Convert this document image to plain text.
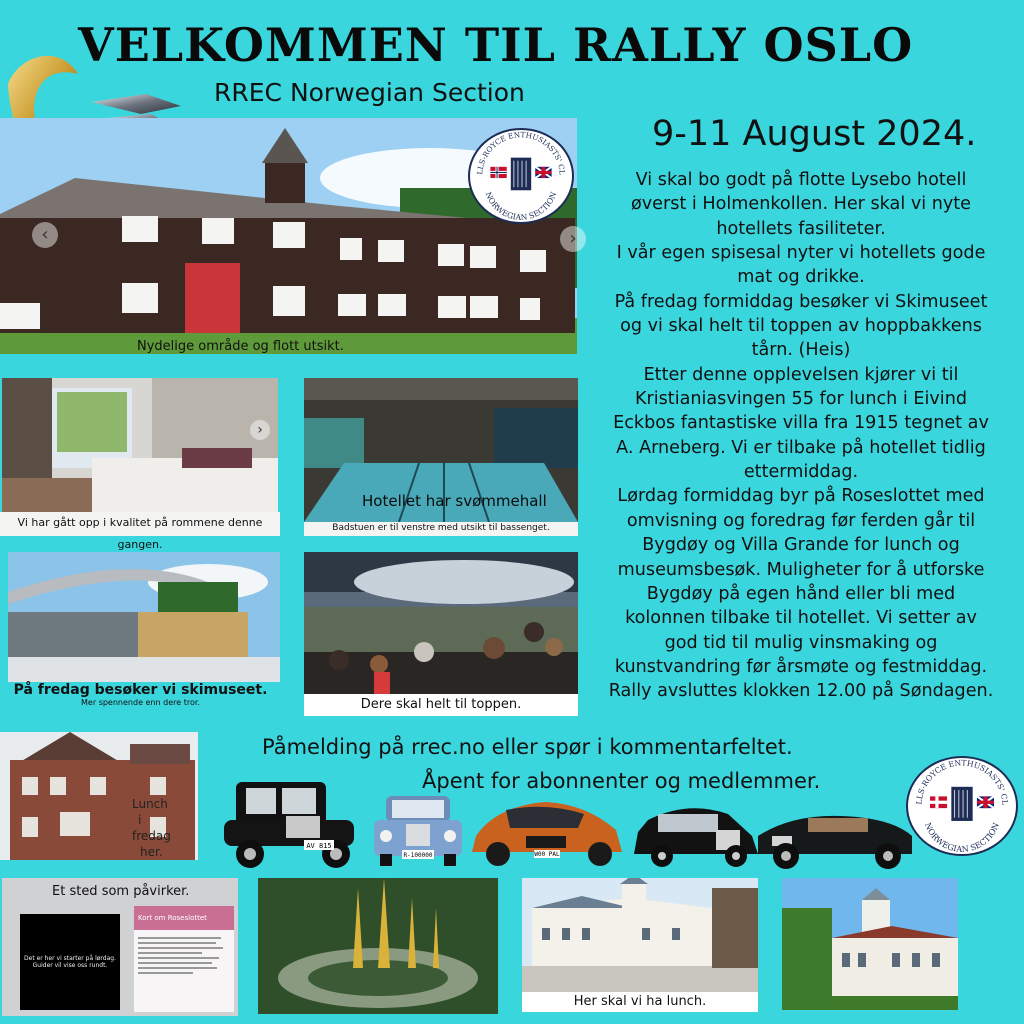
VELKOMMEN TIL RALLY OSLO
RREC Norwegian Section
9-11 August 2024.
‹	›
Nydelige område og flott utsikt.
LLS-ROYCE ENTHUSIASTS' CL
NORWEGIAN SECTION
›
Vi har gått opp i kvalitet på rommene denne gangen.
Hotellet har svømmehall
Badstuen er til venstre med utsikt til bassenget.
På fredag besøker vi skimuseet.
Mer spennende enn dere tror.	Dere skal helt til toppen.
Vi skal bo godt på flotte Lysebo hotell
øverst i Holmenkollen. Her skal vi nyte
hotellets fasiliteter.
I vår egen spisesal nyter vi hotellets gode
mat og drikke.
På fredag formiddag besøker vi Skimuseet
og vi skal helt til toppen av hoppbakkens
tårn. (Heis)
Etter denne opplevelsen kjører vi til
Kristianiasvingen 55 for lunch i Eivind
Eckbos fantastiske villa fra 1915 tegnet av
A. Arneberg. Vi er tilbake på hotellet tidlig
ettermiddag.
Lørdag formiddag byr på Roseslottet med
omvisning og foredrag før ferden går til
Bygdøy og Villa Grande for lunch og
museumsbesøk. Muligheter for å utforske
Bygdøy på egen hånd eller bli med
kolonnen tilbake til hotellet. Vi setter av
god tid til mulig vinsmaking og
kunstvandring før årsmøte og festmiddag.
Rally avsluttes klokken 12.00 på Søndagen.
Påmelding på rrec.no eller spør i kommentarfeltet.
Åpent for abonnenter og medlemmer.
Lunch
i
fredag
her.	AV 815
R-100000	W00 PAL
LLS-ROYCE ENTHUSIASTS' CL
NORWEGIAN SECTION
Et sted som påvirker.
Det er her vi starter på lørdag.
Guider vil vise oss rundt.
Kort om Roseslottet
Her skal vi ha lunch.
